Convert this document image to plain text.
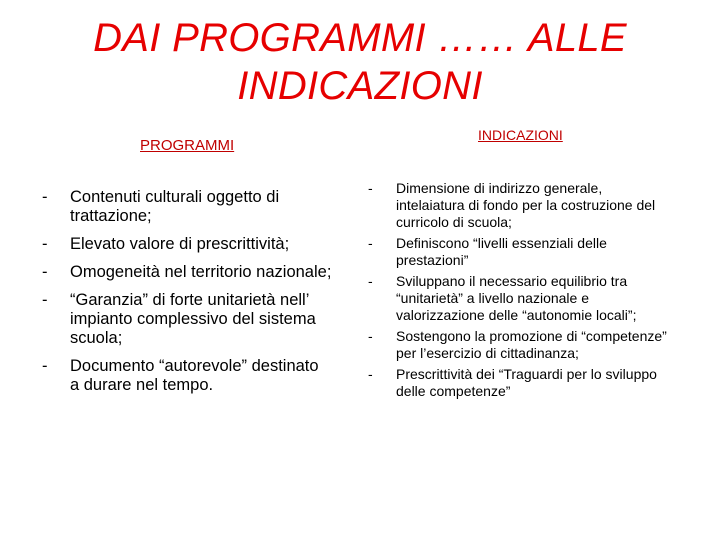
DAI PROGRAMMI …… ALLE INDICAZIONI
PROGRAMMI
INDICAZIONI
-	Contenuti culturali oggetto di trattazione;
-	Elevato valore di prescrittività;
-	Omogeneità nel territorio nazionale;
-	“Garanzia” di forte unitarietà nell’ impianto complessivo del sistema scuola;
-	Documento “autorevole” destinato a durare nel tempo.
-	Dimensione di indirizzo generale, intelaiatura di fondo per la costruzione del curricolo di scuola;
-	Definiscono “livelli essenziali delle prestazioni”
-	Sviluppano il necessario equilibrio tra “unitarietà” a livello nazionale e valorizzazione delle “autonomie locali”;
-	Sostengono la promozione di “competenze” per l’esercizio di cittadinanza;
-	Prescrittività dei “Traguardi per lo sviluppo delle competenze”
